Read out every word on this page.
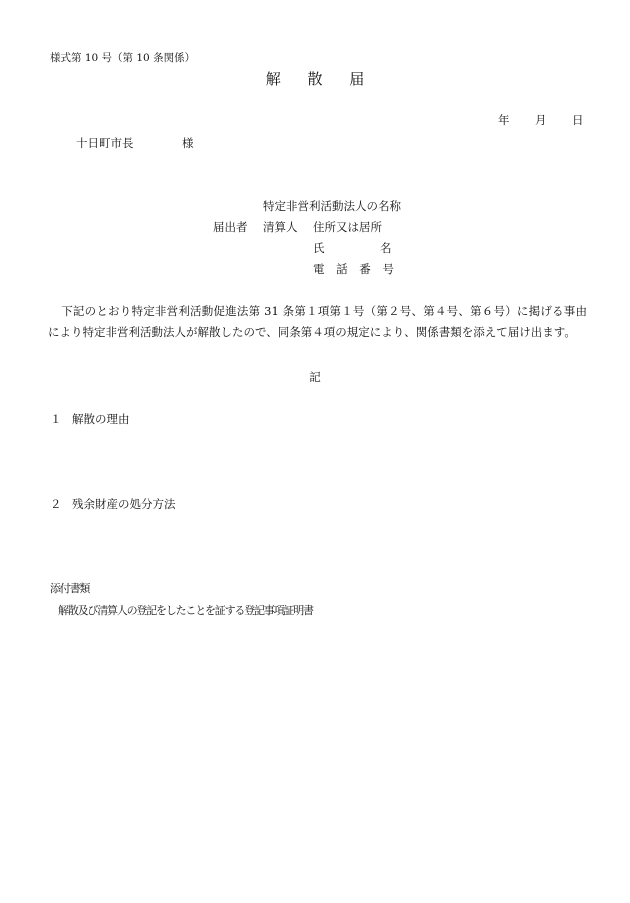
様式第 10 号（第 10 条関係）
解 散 届
年 月 日
十日町市長	様
特定非営利活動法人の名称
届出者 清算人 住所又は居所
氏	名
電 話 番 号
下記のとおり特定非営利活動促進法第 31 条第１項第１号（第２号、第４号、第６号）に掲げる事由により特定非営利活動法人が解散したので、同条第４項の規定により、関係書類を添えて届け出ます。
記
１ 解散の理由
２ 残余財産の処分方法
添付書類
解散及び清算人の登記をしたことを証する登記事項証明書
